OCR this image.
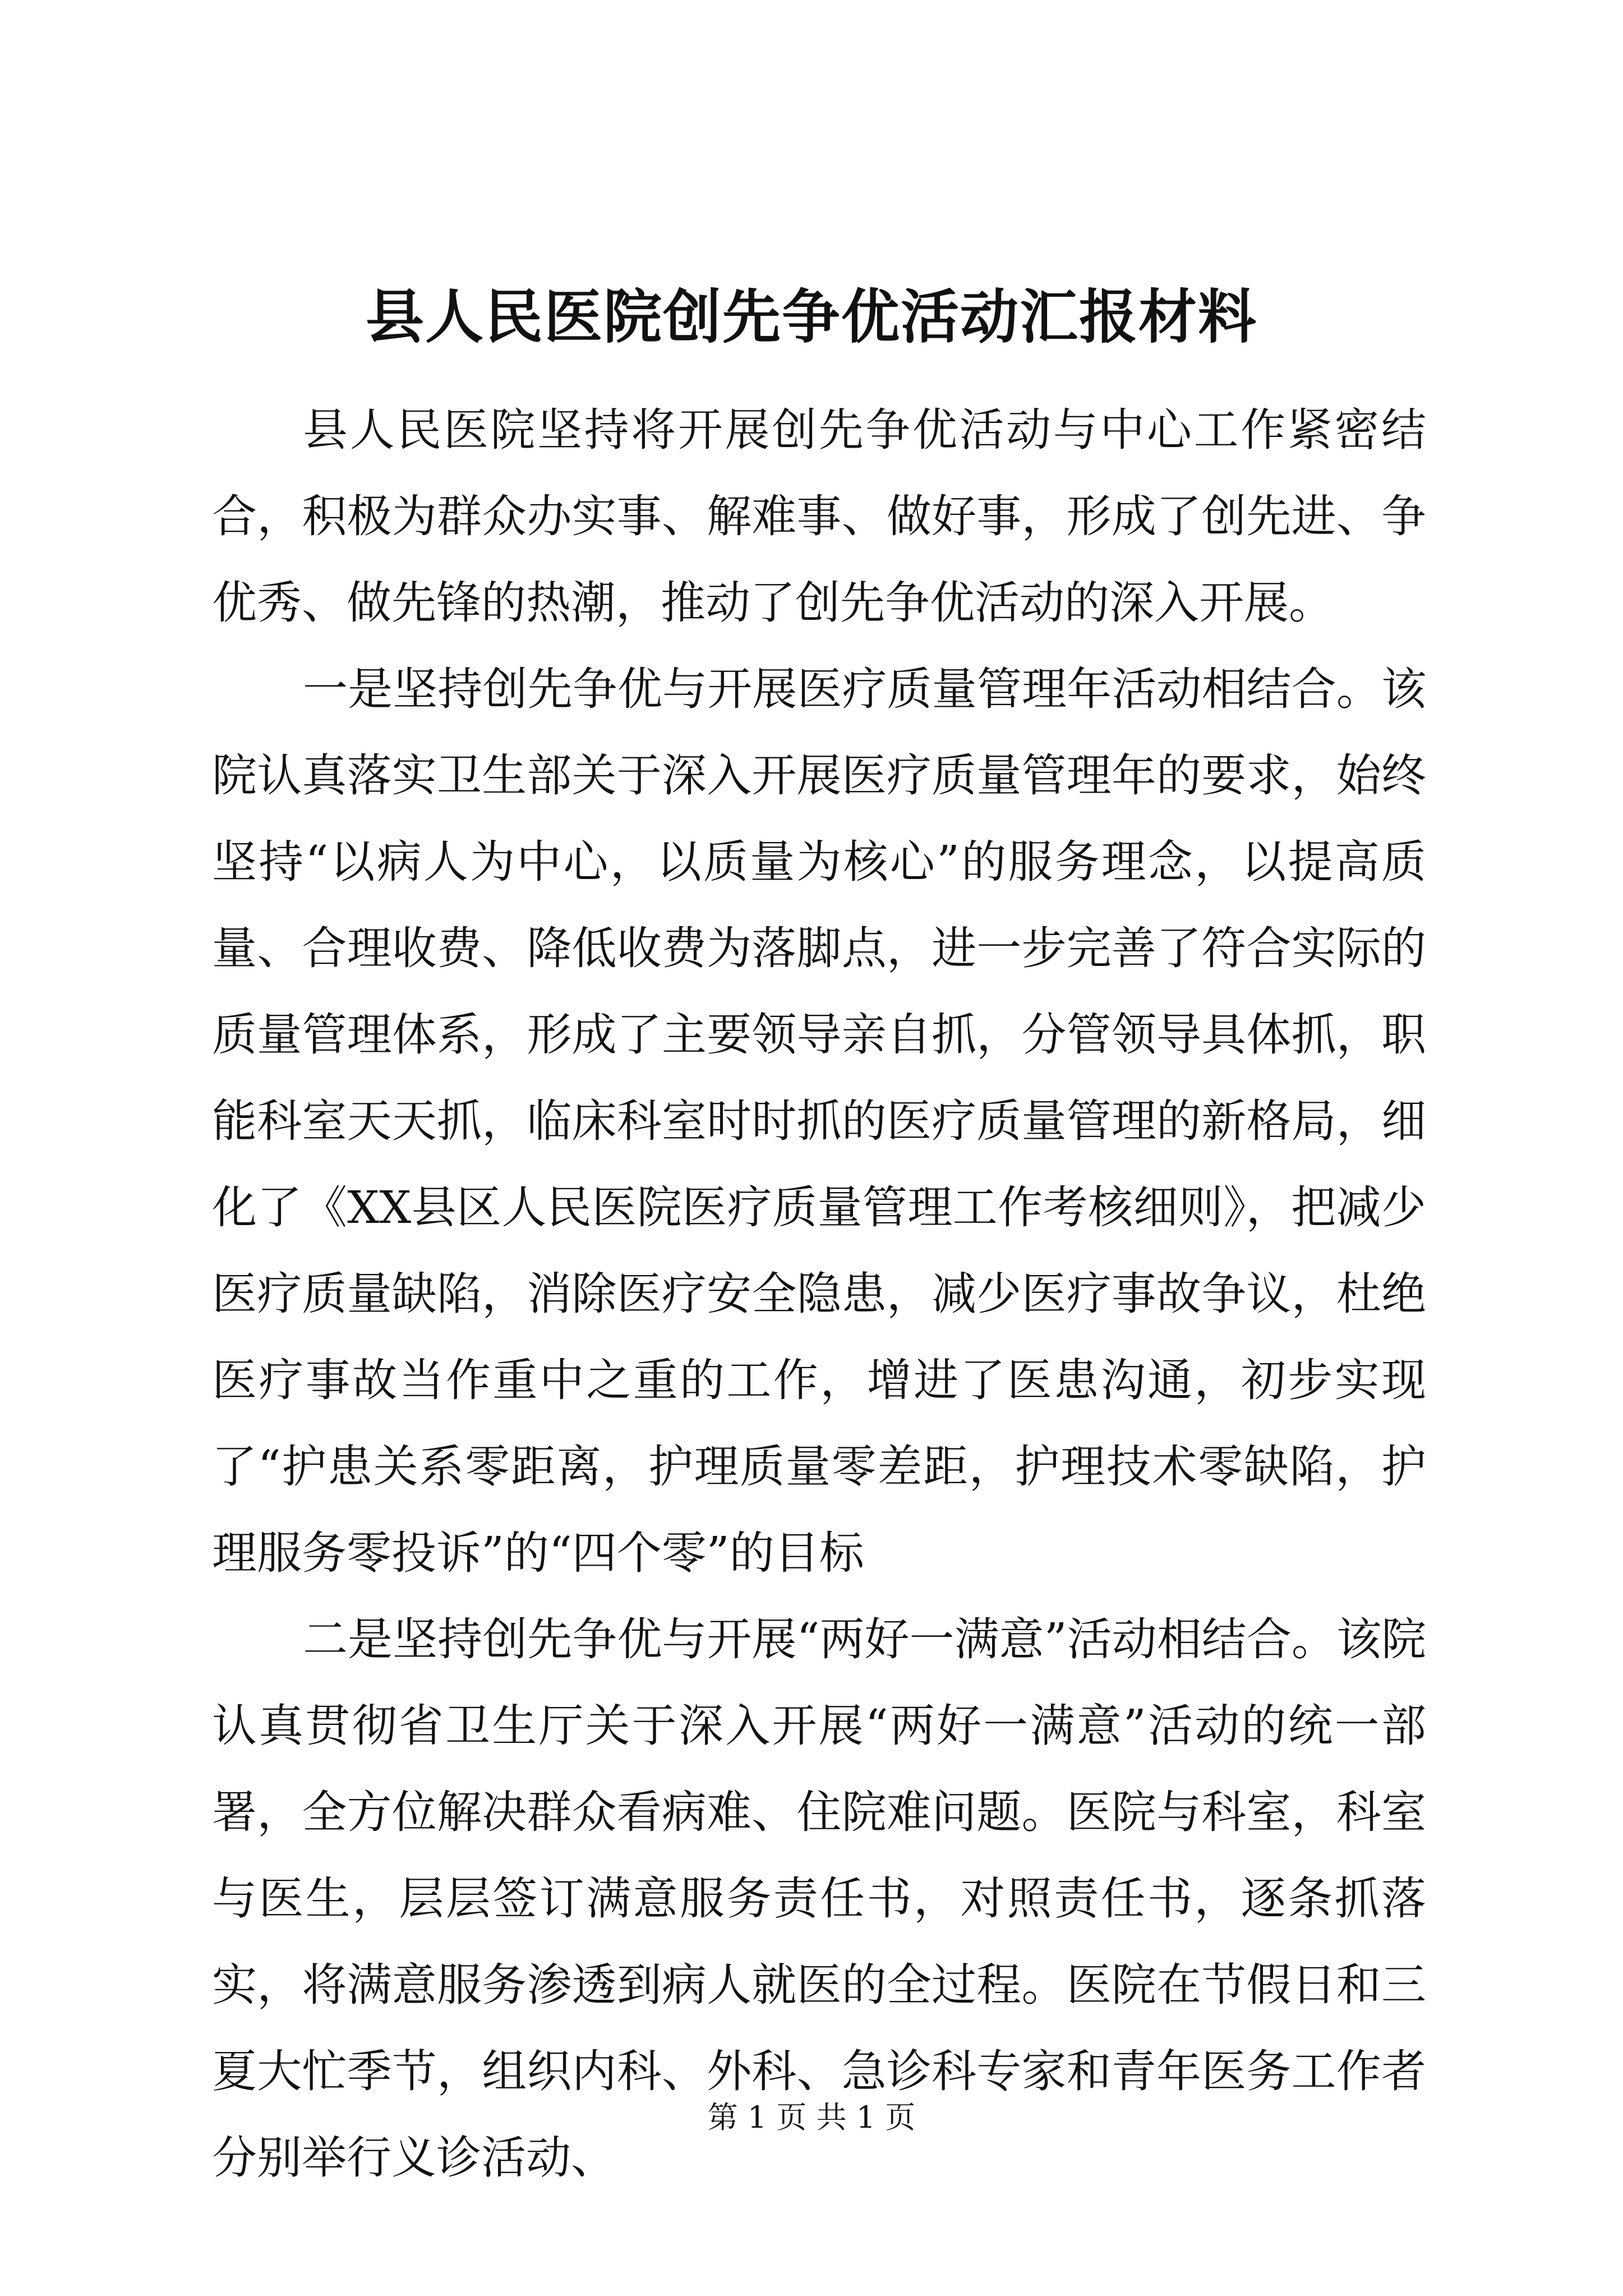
县人民医院创先争优活动汇报材料

县人民医院坚持将开展创先争优活动与中心工作紧密结合，积极为群众办实事、解难事、做好事，形成了创先进、争优秀、做先锋的热潮，推动了创先争优活动的深入开展。

一是坚持创先争优与开展医疗质量管理年活动相结合。该院认真落实卫生部关于深入开展医疗质量管理年的要求，始终坚持“以病人为中心，以质量为核心”的服务理念，以提高质量、合理收费、降低收费为落脚点，进一步完善了符合实际的质量管理体系，形成了主要领导亲自抓，分管领导具体抓，职能科室天天抓，临床科室时时抓的医疗质量管理的新格局，细化了《XX县区人民医院医疗质量管理工作考核细则》，把减少医疗质量缺陷，消除医疗安全隐患，减少医疗事故争议，杜绝医疗事故当作重中之重的工作，增进了医患沟通，初步实现了“护患关系零距离，护理质量零差距，护理技术零缺陷，护理服务零投诉”的“四个零”的目标

二是坚持创先争优与开展“两好一满意”活动相结合。该院认真贯彻省卫生厅关于深入开展“两好一满意”活动的统一部署，全方位解决群众看病难、住院难问题。医院与科室，科室与医生，层层签订满意服务责任书，对照责任书，逐条抓落实，将满意服务渗透到病人就医的全过程。医院在节假日和三夏大忙季节，组织内科、外科、急诊科专家和青年医务工作者分别举行义诊活动、

第 1 页 共 1 页
